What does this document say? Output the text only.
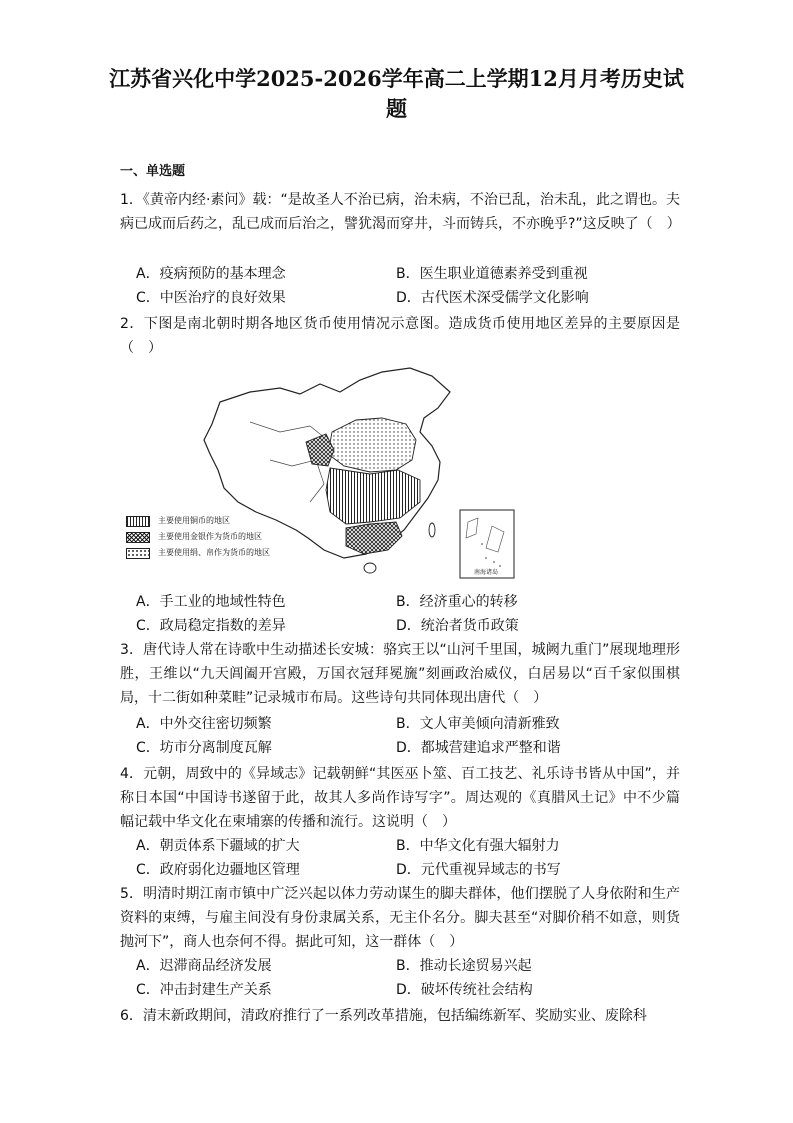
江苏省兴化中学2025-2026学年高二上学期12月月考历史试题
一、单选题
1．《黄帝内经·素问》载：“是故圣人不治已病，治未病，不治已乱，治未乱，此之谓也。夫病已成而后药之，乱已成而后治之，譬犹渴而穿井，斗而铸兵，不亦晚乎?”这反映了（　）
A．疫病预防的基本理念	B．医生职业道德素养受到重视
C．中医治疗的良好效果	D．古代医术深受儒学文化影响
2．下图是南北朝时期各地区货币使用情况示意图。造成货币使用地区差异的主要原因是（　）
南海诸岛
主要使用铜币的地区
主要使用金银作为货币的地区
主要使用绢、帛作为货币的地区
A．手工业的地域性特色	B．经济重心的转移
C．政局稳定指数的差异	D．统治者货币政策
3．唐代诗人常在诗歌中生动描述长安城：骆宾王以“山河千里国，城阙九重门”展现地理形胜，王维以“九天阊阖开宫殿，万国衣冠拜冕旒”刻画政治威仪，白居易以“百千家似围棋局，十二街如种菜畦”记录城市布局。这些诗句共同体现出唐代（　）
A．中外交往密切频繁	B．文人审美倾向清新雅致
C．坊市分离制度瓦解	D．都城营建追求严整和谐
4．元朝，周致中的《异域志》记载朝鲜“其医巫卜筮、百工技艺、礼乐诗书皆从中国”，并称日本国“中国诗书遂留于此，故其人多尚作诗写字”。周达观的《真腊风土记》中不少篇幅记载中华文化在柬埔寨的传播和流行。这说明（　）
A．朝贡体系下疆域的扩大	B．中华文化有强大辐射力
C．政府弱化边疆地区管理	D．元代重视异域志的书写
5．明清时期江南市镇中广泛兴起以体力劳动谋生的脚夫群体，他们摆脱了人身依附和生产资料的束缚，与雇主间没有身份隶属关系，无主仆名分。脚夫甚至“对脚价稍不如意，则货抛河下”，商人也奈何不得。据此可知，这一群体（　）
A．迟滞商品经济发展	B．推动长途贸易兴起
C．冲击封建生产关系	D．破坏传统社会结构
6．清末新政期间，清政府推行了一系列改革措施，包括编练新军、奖励实业、废除科
